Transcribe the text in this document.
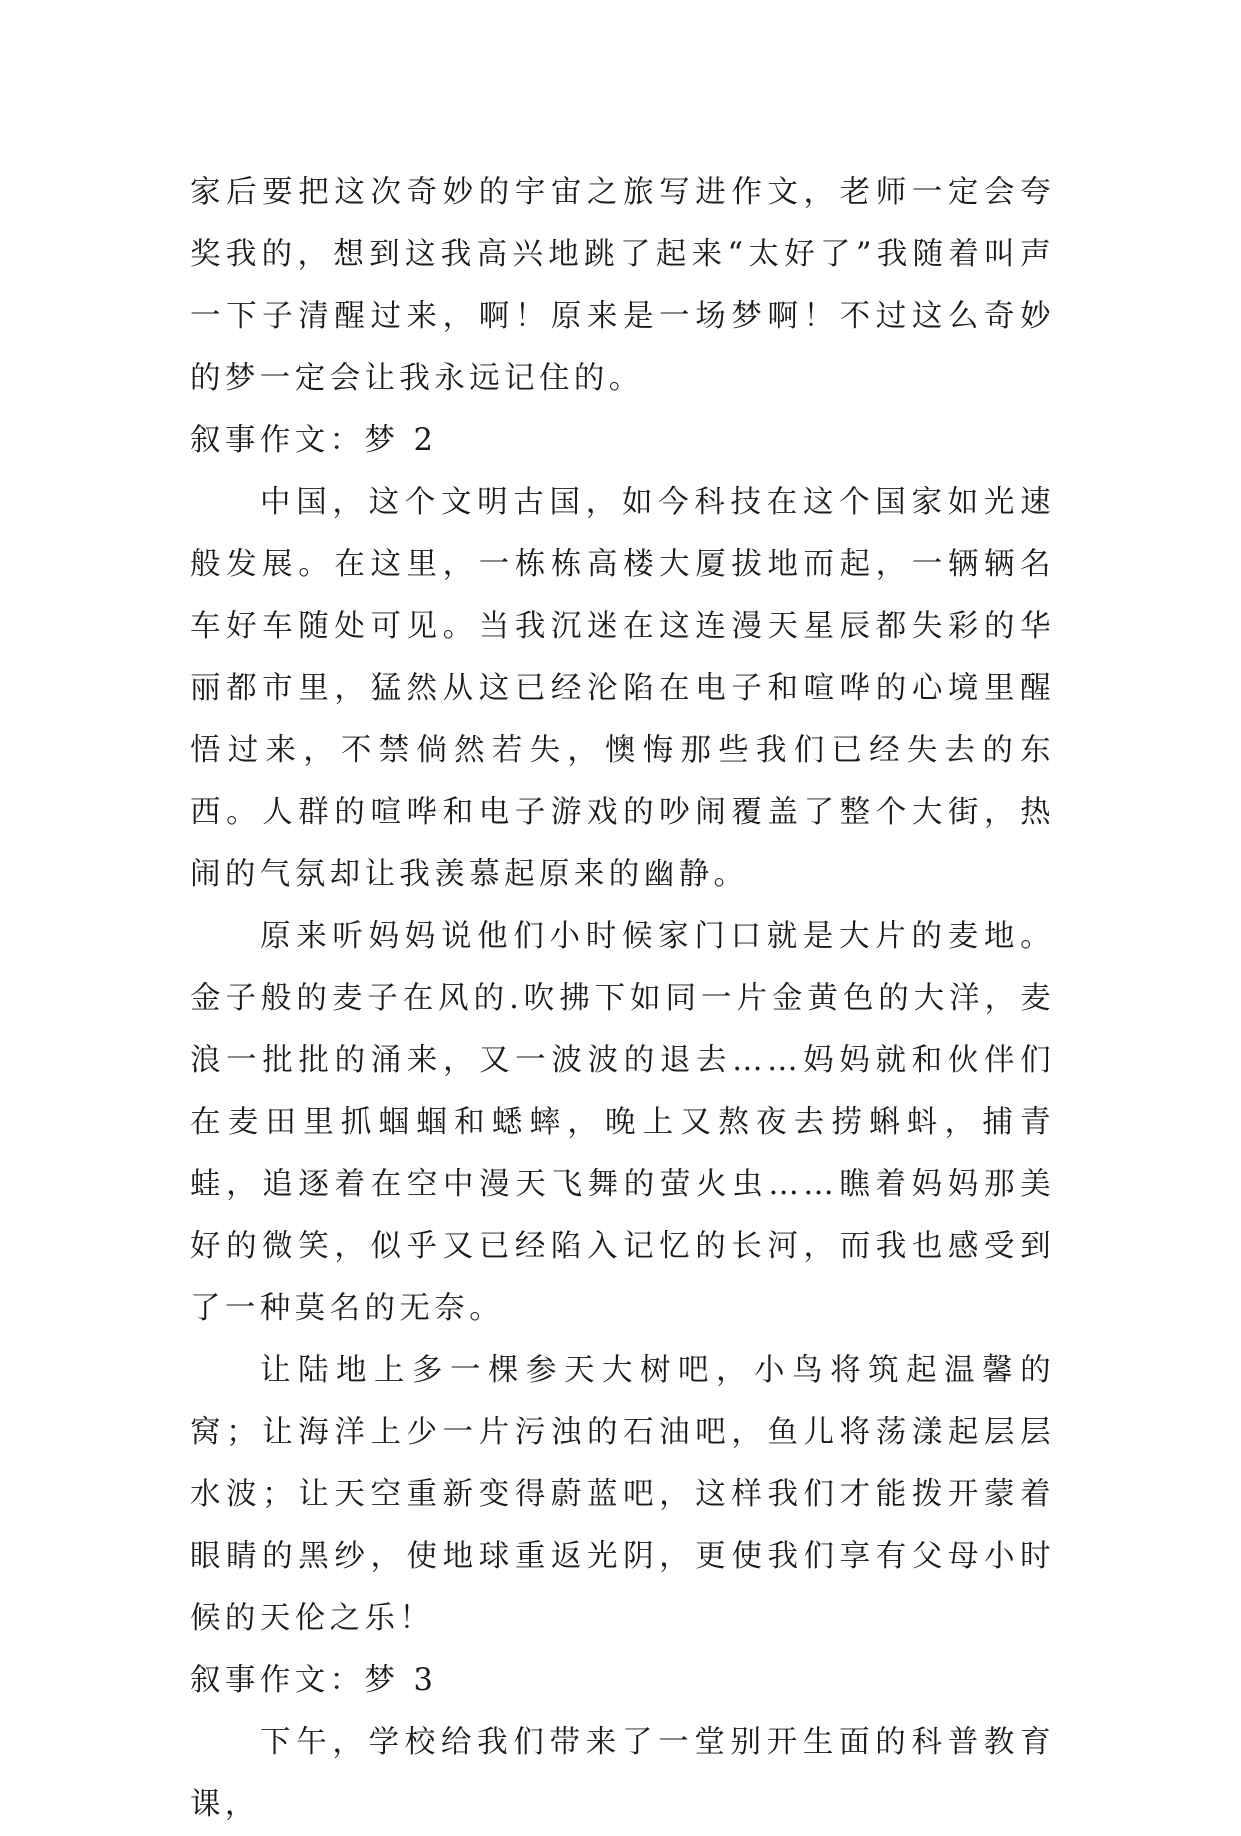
家后要把这次奇妙的宇宙之旅写进作文，老师一定会夸奖我的，想到这我高兴地跳了起来“太好了”我随着叫声一下子清醒过来，啊！原来是一场梦啊！不过这么奇妙的梦一定会让我永远记住的。

叙事作文：梦 2

中国，这个文明古国，如今科技在这个国家如光速般发展。在这里，一栋栋高楼大厦拔地而起，一辆辆名车好车随处可见。当我沉迷在这连漫天星辰都失彩的华丽都市里，猛然从这已经沦陷在电子和喧哗的心境里醒悟过来，不禁倘然若失，懊悔那些我们已经失去的东西。人群的喧哗和电子游戏的吵闹覆盖了整个大街，热闹的气氛却让我羡慕起原来的幽静。

原来听妈妈说他们小时候家门口就是大片的麦地。金子般的麦子在风的.吹拂下如同一片金黄色的大洋，麦浪一批批的涌来，又一波波的退去……妈妈就和伙伴们在麦田里抓蝈蝈和蟋蟀，晚上又熬夜去捞蝌蚪，捕青蛙，追逐着在空中漫天飞舞的萤火虫……瞧着妈妈那美好的微笑，似乎又已经陷入记忆的长河，而我也感受到了一种莫名的无奈。

让陆地上多一棵参天大树吧，小鸟将筑起温馨的窝；让海洋上少一片污浊的石油吧，鱼儿将荡漾起层层水波；让天空重新变得蔚蓝吧，这样我们才能拨开蒙着眼睛的黑纱，使地球重返光阴，更使我们享有父母小时候的天伦之乐！

叙事作文：梦 3

下午，学校给我们带来了一堂别开生面的科普教育课，
